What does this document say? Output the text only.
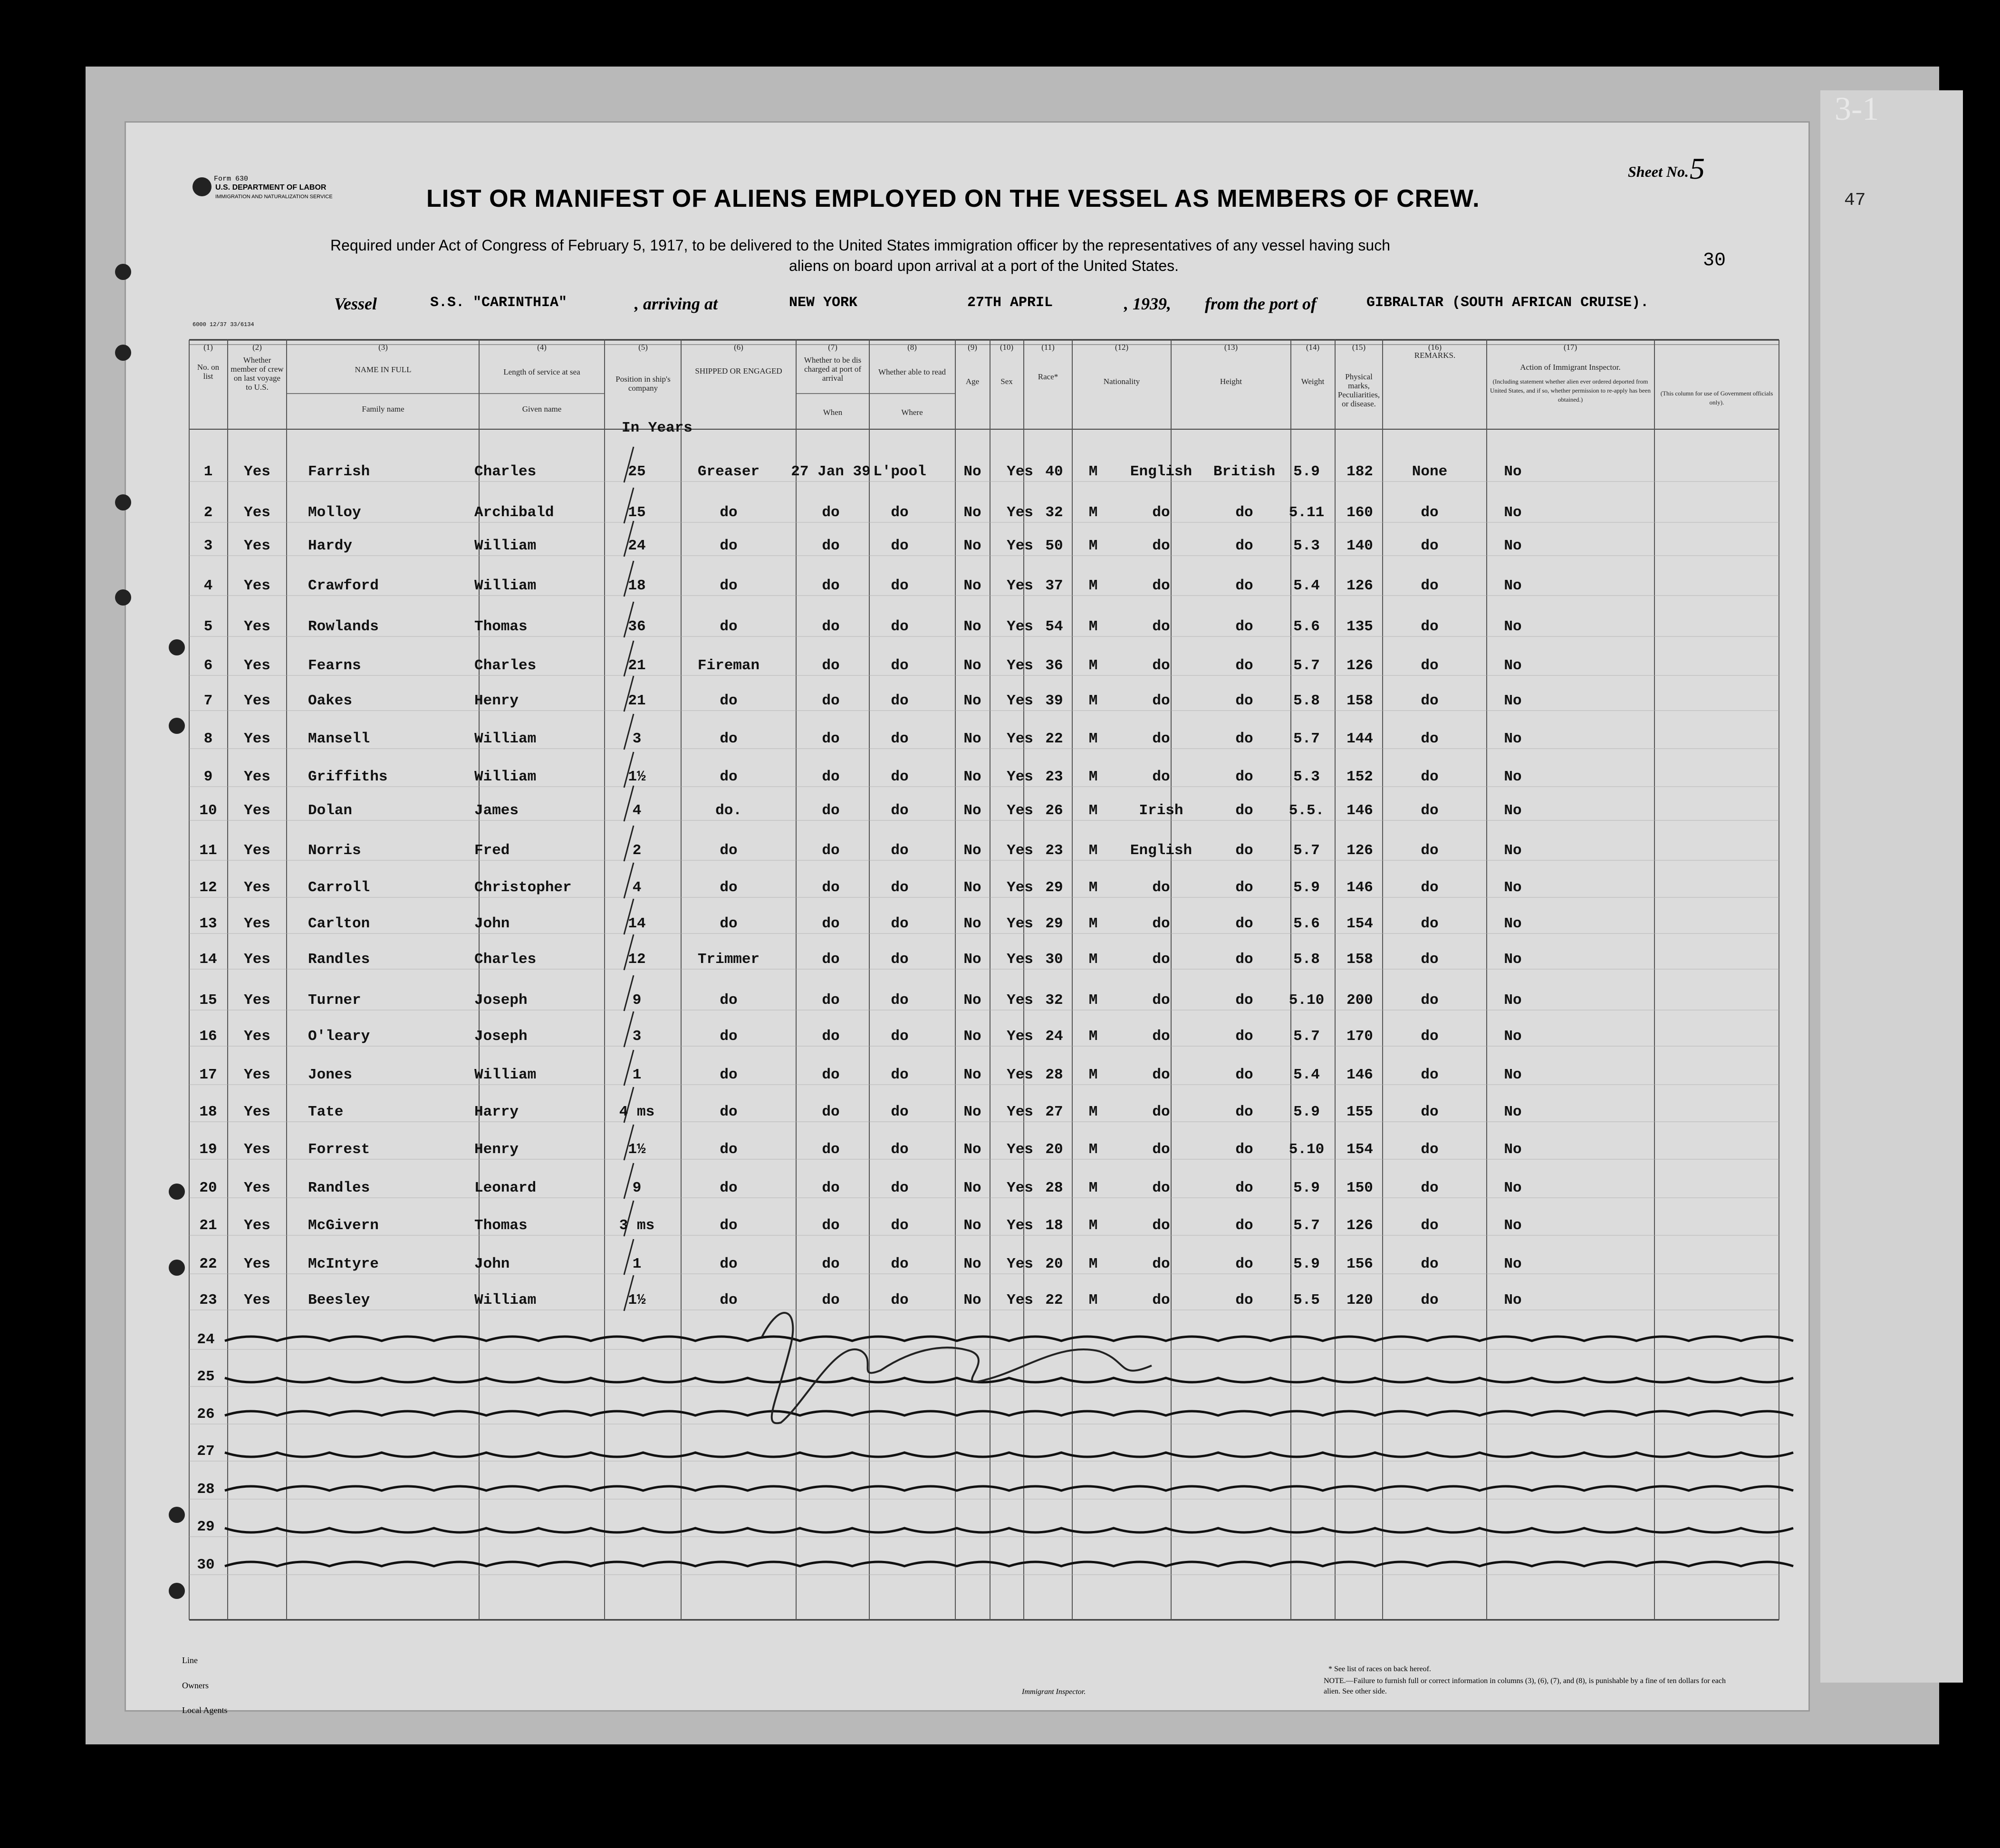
Form 630
U.S. DEPARTMENT OF LABOR
IMMIGRATION AND NATURALIZATION SERVICE
Sheet No. 5
LIST OR MANIFEST OF ALIENS EMPLOYED ON THE VESSEL AS MEMBERS OF CREW.
Required under Act of Congress of February 5, 1917, to be delivered to the United States immigration officer by the representatives of any vessel having such
aliens on board upon arrival at a port of the United States.	30
Vessel	S.S. "CARINTHIA"	, arriving at	NEW YORK	27TH APRIL	, 1939, from the port of	GIBRALTAR (SOUTH AFRICAN CRUISE).
6000 12/37 33/6134
(1)
No. on list
(2)
Whether member of crew on last voyage to U.S.
(3)
NAME IN FULL
(4)
Length of service at sea
(5)
Position in ship's company
(6)
SHIPPED OR ENGAGED
(7)
Whether to be dis charged at port of arrival
(8)
Whether able to read
(9)
Age
(10)
Sex
(11)
Race*
(12)
Nationality
(13)
Height
(14)
Weight
(15)
Physical marks, Peculiarities, or disease.
(16)
REMARKS.
(17)
Action of Immigrant Inspector.
Family name	Given name	When	Where
(Including statement whether alien ever ordered deported from United States, and if so, whether permission to re-apply has been obtained.)
(This column for use of Government officials only).
In Years
1 Yes	Farrish	Charles	25	Greaser 27 Jan 39 L'pool	No Yes 40 M English British 5.9 182	None	No
2 Yes	Molloy	Archibald	15	do	do	do	No Yes 32 M	do	do 5.11 160	do	No
3 Yes	Hardy	William	24	do	do	do	No Yes 50 M	do	do	5.3 140	do	No
4 Yes	Crawford	William	18	do	do	do	No Yes 37 M	do	do	5.4 126	do	No
5 Yes	Rowlands	Thomas	36	do	do	do	No Yes 54 M	do	do	5.6 135	do	No
6 Yes	Fearns	Charles	21	Fireman	do	do	No Yes 36 M	do	do	5.7 126	do	No
7 Yes	Oakes	Henry	21	do	do	do	No Yes 39 M	do	do	5.8 158	do	No
8 Yes	Mansell	William	3	do	do	do	No Yes 22 M	do	do	5.7 144	do	No
9 Yes	Griffiths	William	1½	do	do	do	No Yes 23 M	do	do	5.3 152	do	No
10 Yes	Dolan	James	4	do.	do	do	No Yes 26 M	Irish	do 5.5. 146	do	No
11 Yes	Norris	Fred	2	do	do	do	No Yes 23 M English	do	5.7 126	do	No
12 Yes	Carroll	Christopher	4	do	do	do	No Yes 29 M	do	do	5.9 146	do	No
13 Yes	Carlton	John	14	do	do	do	No Yes 29 M	do	do	5.6 154	do	No
14 Yes	Randles	Charles	12	Trimmer	do	do	No Yes 30 M	do	do	5.8 158	do	No
15 Yes	Turner	Joseph	9	do	do	do	No Yes 32 M	do	do 5.10 200	do	No
16 Yes	O'leary	Joseph	3	do	do	do	No Yes 24 M	do	do	5.7 170	do	No
17 Yes	Jones	William	1	do	do	do	No Yes 28 M	do	do	5.4 146	do	No
18 Yes	Tate	Harry	4 ms	do	do	do	No Yes 27 M	do	do	5.9 155	do	No
19 Yes	Forrest	Henry	1½	do	do	do	No Yes 20 M	do	do 5.10 154	do	No
20 Yes	Randles	Leonard	9	do	do	do	No Yes 28 M	do	do	5.9 150	do	No
21 Yes	McGivern	Thomas	3 ms	do	do	do	No Yes 18 M	do	do	5.7 126	do	No
22 Yes	McIntyre	John	1	do	do	do	No Yes 20 M	do	do	5.9 156	do	No
23 Yes	Beesley	William	1½	do	do	do	No Yes 22 M	do	do	5.5 120	do	No
24
25
26
27
28
29
30
Line
Owners
Local Agents
Immigrant Inspector.
* See list of races on back hereof.
NOTE.—Failure to furnish full or correct information in columns (3), (6), (7), and (8), is punishable by a fine of ten dollars for each alien. See other side.
3-1
47
